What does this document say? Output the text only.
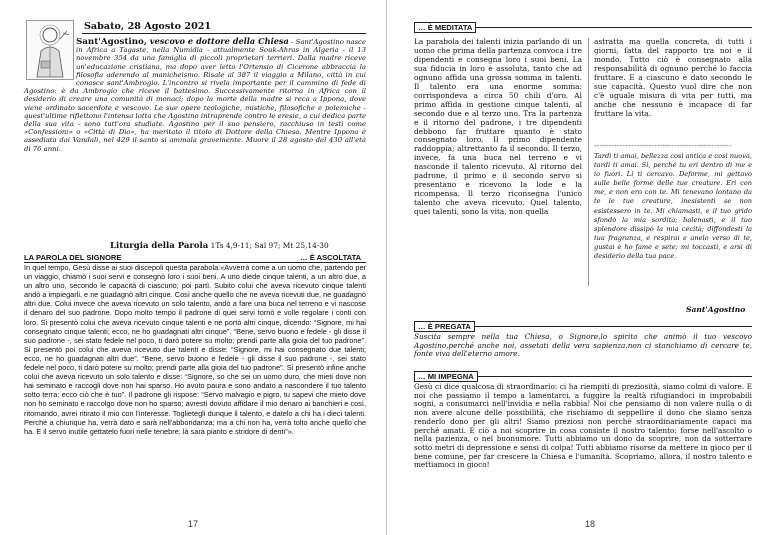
Sabato, 28 Agosto 2021
Sant'Agostino, vescovo e dottore della Chiesa - Sant'Agostino nasce in Africa a Tagaste, nella Numidia - attualmente Souk-Ahras in Algeria - il 13 novembre 354 da una famiglia di piccoli proprietari terrieri. Dalla madre riceve un'educazione cristiana, ma dopo aver letto l'Ortensio di Cicerone abbraccia la filosofia aderendo al manicheismo. Risale al 387 il viaggio a Milano, città in cui conosce sant'Ambrogio. L'incontro si rivela importante per il cammino di fede di Agostino: è da Ambrogio che riceve il battesimo. Successivamente ritorna in Africa con il desiderio di creare una comunità di monaci; dopo la morte della madre si reca a Ippona, dove viene ordinato sacerdote e vescovo. Le sue opere teologiche, mistiche, filosofiche e polemiche - quest'ultime riflettono l'intensa lotta che Agostino intraprende contro le eresie, a cui dedica parte della sua vita - sono tutt'ora studiate. Agostino per il suo pensiero, racchiuso in testi come «Confessioni» o «Città di Dio», ha meritato il titolo di Dottore della Chiesa. Mentre Ippona è assediata dai Vandali, nel 429 il santo si ammala gravemente. Muore il 28 agosto del 430 all'età di 76 anni.
Liturgia della Parola 1Ts 4,9-11; Sal 97; Mt 25,14-30
LA PAROLA DEL SIGNORE	… È ASCOLTATA
In quel tempo, Gesù disse ai suoi discepoli questa parabola:«Avverrà come a un uomo che, partendo per un viaggio, chiamò i suoi servi e consegnò loro i suoi beni. A uno diede cinque talenti, a un altro due, a un altro uno, secondo le capacità di ciascuno; poi partì. Subito colui che aveva ricevuto cinque talenti andò a impiegarli, e ne guadagnò altri cinque. Così anche quello che ne aveva ricevuti due, ne guadagnò altri due. Colui invece che aveva ricevuto un solo talento, andò a fare una buca nel terreno e vi nascose il denaro del suo padrone. Dopo molto tempo il padrone di quei servi tornò e volle regolare i conti con loro. Si presentò colui che aveva ricevuto cinque talenti e ne portò altri cinque, dicendo: “Signore, mi hai consegnato cinque talenti; ecco, ne ho guadagnati altri cinque”. “Bene, servo buono e fedele - gli disse il suo padrone -, sei stato fedele nel poco, ti darò potere su molto; prendi parte alla gioia del tuo padrone”. Si presentò poi colui che aveva ricevuto due talenti e disse: “Signore, mi hai consegnato due talenti; ecco, ne ho guadagnati altri due”. “Bene, servo buono e fedele - gli disse il suo padrone -, sei stato fedele nel poco, ti darò potere su molto; prendi parte alla gioia del tuo padrone”. Si presentò infine anche colui che aveva ricevuto un solo talento e disse: “Signore, so che sei un uomo duro, che mieti dove non hai seminato e raccogli dove non hai sparso. Ho avuto paura e sono andato a nascondere il tuo talento sotto terra: ecco ciò che è tuo”. Il padrone gli rispose: “Servo malvagio e pigro, tu sapevi che mieto dove non ho seminato e raccolgo dove non ho sparso; avresti dovuto affidare il mio denaro ai banchieri e così, ritornando, avrei ritirato il mio con l'interesse. Toglietegli dunque il talento, e datelo a chi ha i dieci talenti. Perché a chiunque ha, verrà dato e sarà nell'abbondanza; ma a chi non ha, verrà tolto anche quello che ha. E il servo inutile gettatelo fuori nelle tenebre; là sarà pianto e stridore di denti”».
17
… È MEDITATA
La parabola dei talenti inizia parlando di un uomo che prima della partenza convoca i tre dipendenti e consegna loro i suoi beni. La sua fiducia in loro è assoluta, tanto che ad ognuno affida una grossa somma in talenti. Il talento era una enorme somma: corrispondeva a circa 50 chili d'oro. Al primo affida in gestione cinque talenti, al secondo due e al terzo uno. Tra la partenza e il ritorno del padrone, i tre dipendenti debbono far fruttare quanto è stato consegnato loro. Il primo dipendente raddoppia; altrettanto fa il secondo. Il terzo, invece, fa una buca nel terreno e vi nasconde il talento ricevuto. Al ritorno del padrone, il primo e il secondo servo si presentano e ricevono la lode e la ricompensa. Il terzo riconsegna l'unico talento che aveva ricevuto. Quel talento, quei talenti, sono la vita, non quella
astratta ma quella concreta, di tutti i giorni, fatta del rapporto tra noi e il mondo. Tutto ciò è consegnato alla responsabilità di ognuno perché lo faccia fruttare. E a ciascuno è dato secondo le sue capacità. Questo vuol dire che non c'è uguale misura di vita per tutti, ma anche che nessuno è incapace di far fruttare la vita.
------------------------------------------------
Tardi ti amai, bellezza così antica e così nuova, tardi ti amai. Sì, perché tu eri dentro di me e io fuori. Lì ti cercavo. Deforme, mi gettavo sulle belle forme delle tue creature. Eri con me, e non ero con te. Mi tenevano lontano da te le tue creature, inesistenti se non esistessero in te. Mi chiamasti, e il tuo grido sfondò la mia sordità; balenasti, e il tuo splendore dissipò la mia cecità; diffondesti la tua fragranza, e respirai e anelo verso di te, gustai e ho fame e sete; mi toccasti, e arsi di desiderio della tua pace.
Sant'Agostino
… È PREGATA
Suscita sempre nella tua Chiesa, o Signore,lo spirito che animò il tuo vescovo Agostino,perché anche noi, assetati della vera sapienza,non ci stanchiamo di cercare te, fonte viva dell'eterno amore.
… MI IMPEGNA
Gesù ci dice qualcosa di straordinario: ci ha riempiti di preziosità, siamo colmi di valore. E noi che passiamo il tempo a lamentarci, a fuggire la realtà rifugiandoci in improbabili sogni, a consumarci nell'invidia e nella rabbia! Noi che pensiamo di non valere nulla o di non avere alcune delle possibilità, che rischiamo di seppellire il dono che siamo senza renderlo dono per gli altri! Siamo preziosi non perché straordinariamente capaci ma perché amati. E ciò a noi scoprire in cosa consiste il nostro talento: forse nell'ascolto o nella pazienza, o nel buonumore. Tutti abbiamo un dono da scoprire, non da sotterrare sotto metri di depressione e sensi di colpa! Tutti abbiamo risorse da mettere in gioco per il bene comune, per far crescere la Chiesa e l'umanità. Scopriamo, allora, il nostro talento e mettiamoci in gioco!
18
